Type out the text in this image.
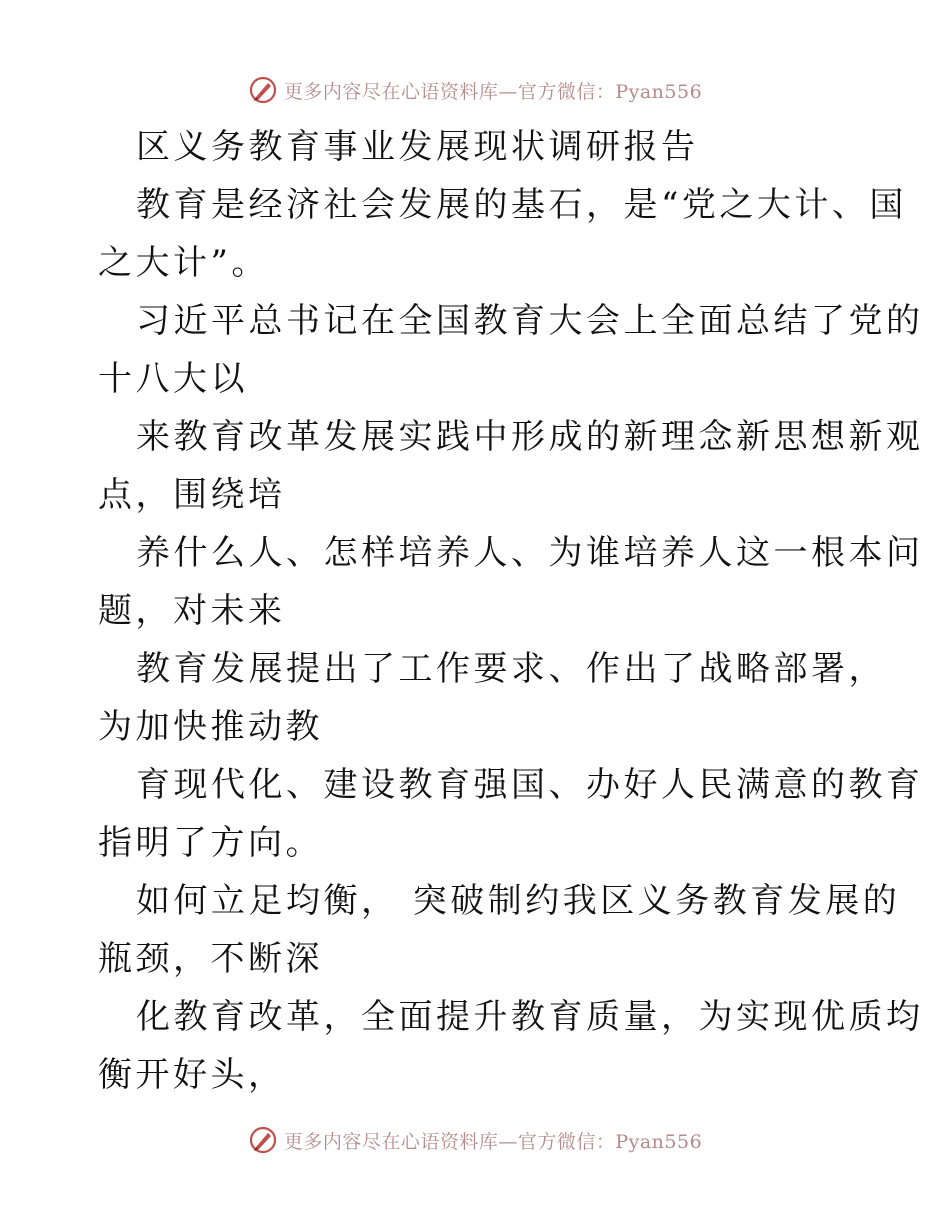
更多内容尽在心语资料库—官方微信：Pyan556
区义务教育事业发展现状调研报告
教育是经济社会发展的基石，是“党之大计、国
之大计”。
习近平总书记在全国教育大会上全面总结了党的
十八大以
来教育改革发展实践中形成的新理念新思想新观
点，围绕培
养什么人、怎样培养人、为谁培养人这一根本问
题，对未来
教育发展提出了工作要求、作出了战略部署，
为加快推动教
育现代化、建设教育强国、办好人民满意的教育
指明了方向。
如何立足均衡， 突破制约我区义务教育发展的
瓶颈，不断深
化教育改革，全面提升教育质量，为实现优质均
衡开好头，
更多内容尽在心语资料库—官方微信：Pyan556
